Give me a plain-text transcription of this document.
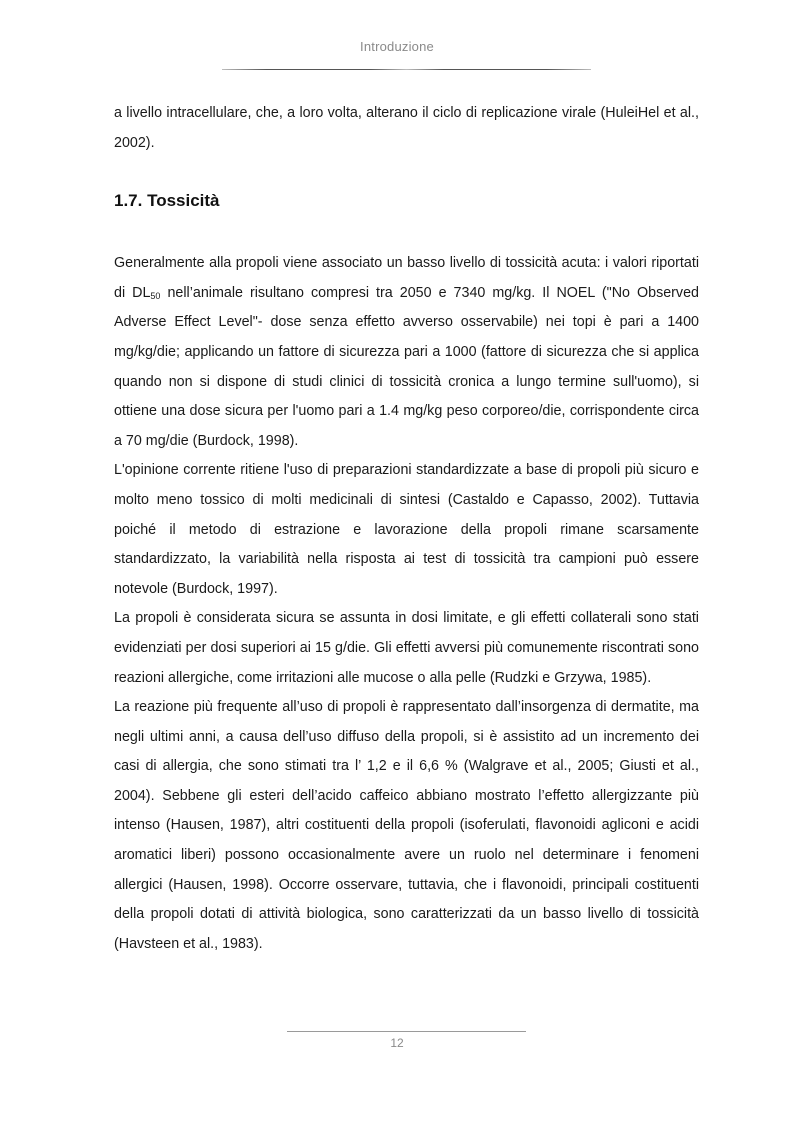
Introduzione

a livello intracellulare, che, a loro volta, alterano il ciclo di replicazione virale (HuleiHel et al., 2002).

1.7. Tossicità

Generalmente alla propoli viene associato un basso livello di tossicità acuta: i valori riportati di $DL_{50}$ nell’animale risultano compresi tra 2050 e 7340 mg/kg. Il NOEL ("No Observed Adverse Effect Level"- dose senza effetto avverso osservabile) nei topi è pari a 1400 mg/kg/die; applicando un fattore di sicurezza pari a 1000 (fattore di sicurezza che si applica quando non si dispone di studi clinici di tossicità cronica a lungo termine sull'uomo), si ottiene una dose sicura per l'uomo pari a 1.4 mg/kg peso corporeo/die, corrispondente circa a 70 mg/die (Burdock, 1998).

L'opinione corrente ritiene l'uso di preparazioni standardizzate a base di propoli più sicuro e molto meno tossico di molti medicinali di sintesi (Castaldo e Capasso, 2002). Tuttavia poiché il metodo di estrazione e lavorazione della propoli rimane scarsamente standardizzato, la variabilità nella risposta ai test di tossicità tra campioni può essere notevole (Burdock, 1997).

La propoli è considerata sicura se assunta in dosi limitate, e gli effetti collaterali sono stati evidenziati per dosi superiori ai 15 g/die. Gli effetti avversi più comunemente riscontrati sono reazioni allergiche, come irritazioni alle mucose o alla pelle (Rudzki e Grzywa, 1985).

La reazione più frequente all’uso di propoli è rappresentato dall’insorgenza di dermatite, ma negli ultimi anni, a causa dell’uso diffuso della propoli, si è assistito ad un incremento dei casi di allergia, che sono stimati tra l’ 1,2 e il 6,6 % (Walgrave et al., 2005; Giusti et al., 2004). Sebbene gli esteri dell’acido caffeico abbiano mostrato l’effetto allergizzante più intenso (Hausen, 1987), altri costituenti della propoli (isoferulati, flavonoidi agliconi e acidi aromatici liberi) possono occasionalmente avere un ruolo nel determinare i fenomeni allergici (Hausen, 1998). Occorre osservare, tuttavia, che i flavonoidi, principali costituenti della propoli dotati di attività biologica, sono caratterizzati da un basso livello di tossicità (Havsteen et al., 1983).

12
